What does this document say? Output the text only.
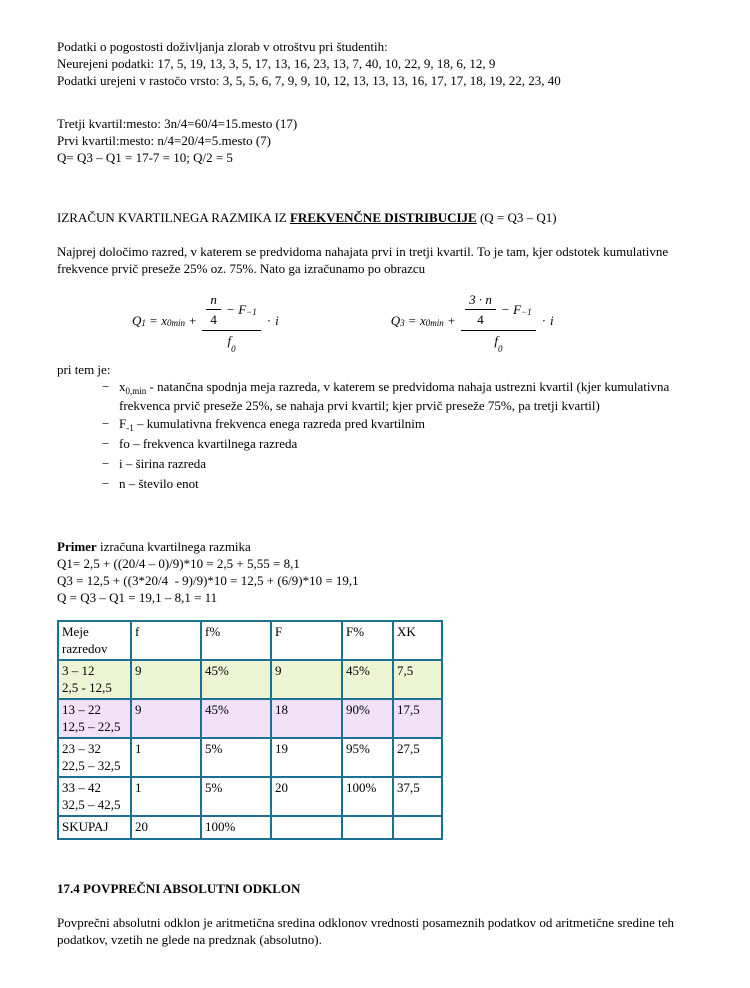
Podatki o pogostosti doživljanja zlorab v otroštvu pri študentih:
Neurejeni podatki: 17, 5, 19, 13, 3, 5, 17, 13, 16, 23, 13, 7, 40, 10, 22, 9, 18, 6, 12, 9
Podatki urejeni v rastočo vrsto: 3, 5, 5, 6, 7, 9, 9, 10, 12, 13, 13, 13, 16, 17, 17, 18, 19, 22, 23, 40
Tretji kvartil:mesto: 3n/4=60/4=15.mesto (17)
Prvi kvartil:mesto: n/4=20/4=5.mesto (7)
Q= Q3 – Q1 = 17-7 = 10; Q/2 = 5
IZRAČUN KVARTILNEGA RAZMIKA IZ FREKVENČNE DISTRIBUCIJE (Q = Q3 – Q1)

Najprej določimo razred, v katerem se predvidoma nahajata prvi in tretji kvartil. To je tam, kjer odstotek kumulativne frekvence prvič preseže 25% oz. 75%. Nato ga izračunamo po obrazcu

$Q_1 = x_{0min} + \frac{\frac{n}{4} - F_{-1}}{f_0} \cdot i$	$Q_3 = x_{0min} + \frac{\frac{3 \cdot n}{4} - F_{-1}}{f_0} \cdot i$
pri tem je:
− $x_{0,min}$ - natančna spodnja meja razreda, v katerem se predvidoma nahaja ustrezni kvartil (kjer kumulativna frekvenca prvič preseže 25%, se nahaja prvi kvartil; kjer prvič preseže 75%, pa tretji kvartil)
− $F_{-1}$ – kumulativna frekvenca enega razreda pred kvartilnim
− fo – frekvenca kvartilnega razreda
− i – širina razreda
− n – število enot
Primer izračuna kvartilnega razmika
Q1= 2,5 + ((20/4 – 0)/9)*10 = 2,5 + 5,55 = 8,1
Q3 = 12,5 + ((3*20/4  - 9)/9)*10 = 12,5 + (6/9)*10 = 19,1
Q = Q3 – Q1 = 19,1 – 8,1 = 11
Meje razredov	f	f%	F	F%	XK

3 – 12
2,5 - 12,5	9	45%	9	45%	7,5

13 – 22
12,5 – 22,5	9	45%	18	90%	17,5

23 – 32
22,5 – 32,5	1	5%	19	95%	27,5

33 – 42
32,5 – 42,5	1	5%	20	100%	37,5
SKUPAJ	20	100%			
17.4 POVPREČNI ABSOLUTNI ODKLON

Povprečni absolutni odklon je aritmetična sredina odklonov vrednosti posameznih podatkov od aritmetične sredine teh podatkov, vzetih ne glede na predznak (absolutno).
